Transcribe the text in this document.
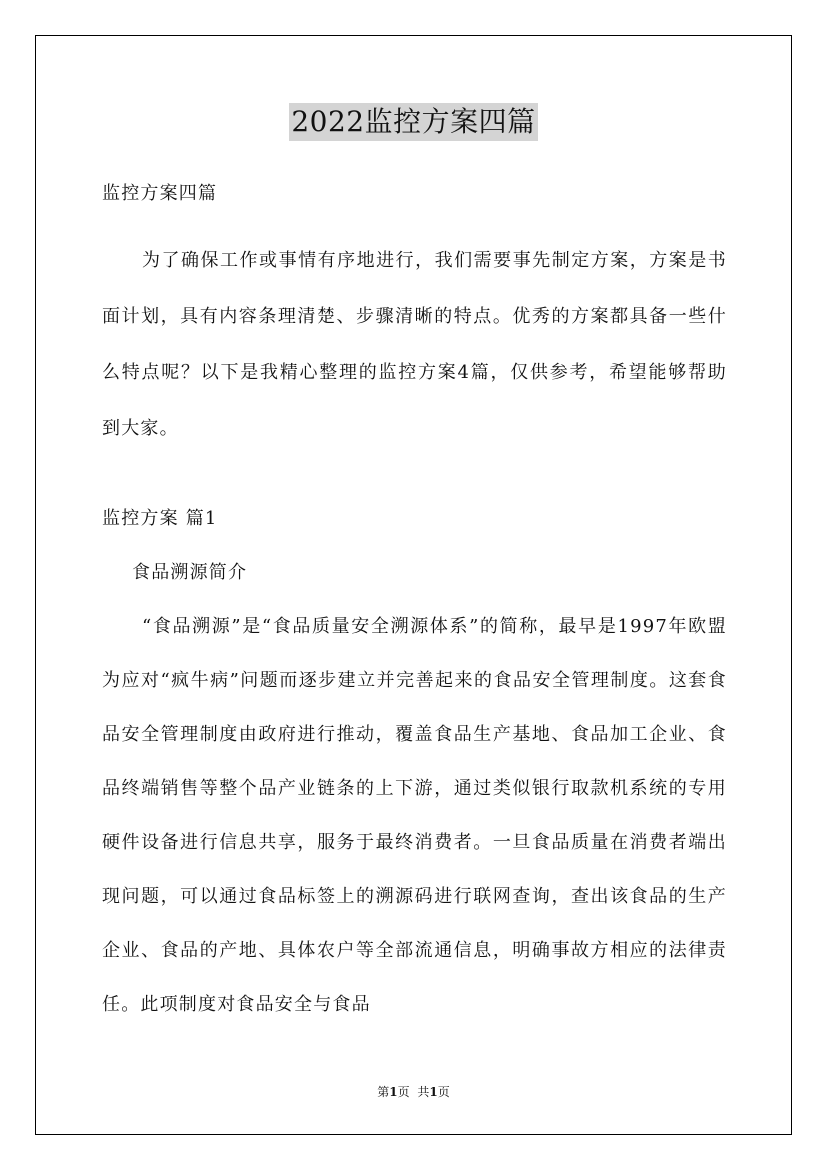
2022监控方案四篇
监控方案四篇
为了确保工作或事情有序地进行，我们需要事先制定方案，方案是书面计划，具有内容条理清楚、步骤清晰的特点。优秀的方案都具备一些什么特点呢？以下是我精心整理的监控方案4篇，仅供参考，希望能够帮助到大家。
监控方案 篇1
食品溯源简介
“食品溯源”是“食品质量安全溯源体系”的简称，最早是1997年欧盟为应对“疯牛病”问题而逐步建立并完善起来的食品安全管理制度。这套食品安全管理制度由政府进行推动，覆盖食品生产基地、食品加工企业、食品终端销售等整个品产业链条的上下游，通过类似银行取款机系统的专用硬件设备进行信息共享，服务于最终消费者。一旦食品质量在消费者端出现问题，可以通过食品标签上的溯源码进行联网查询，查出该食品的生产企业、食品的产地、具体农户等全部流通信息，明确事故方相应的法律责任。此项制度对食品安全与食品
第1页 共1页
